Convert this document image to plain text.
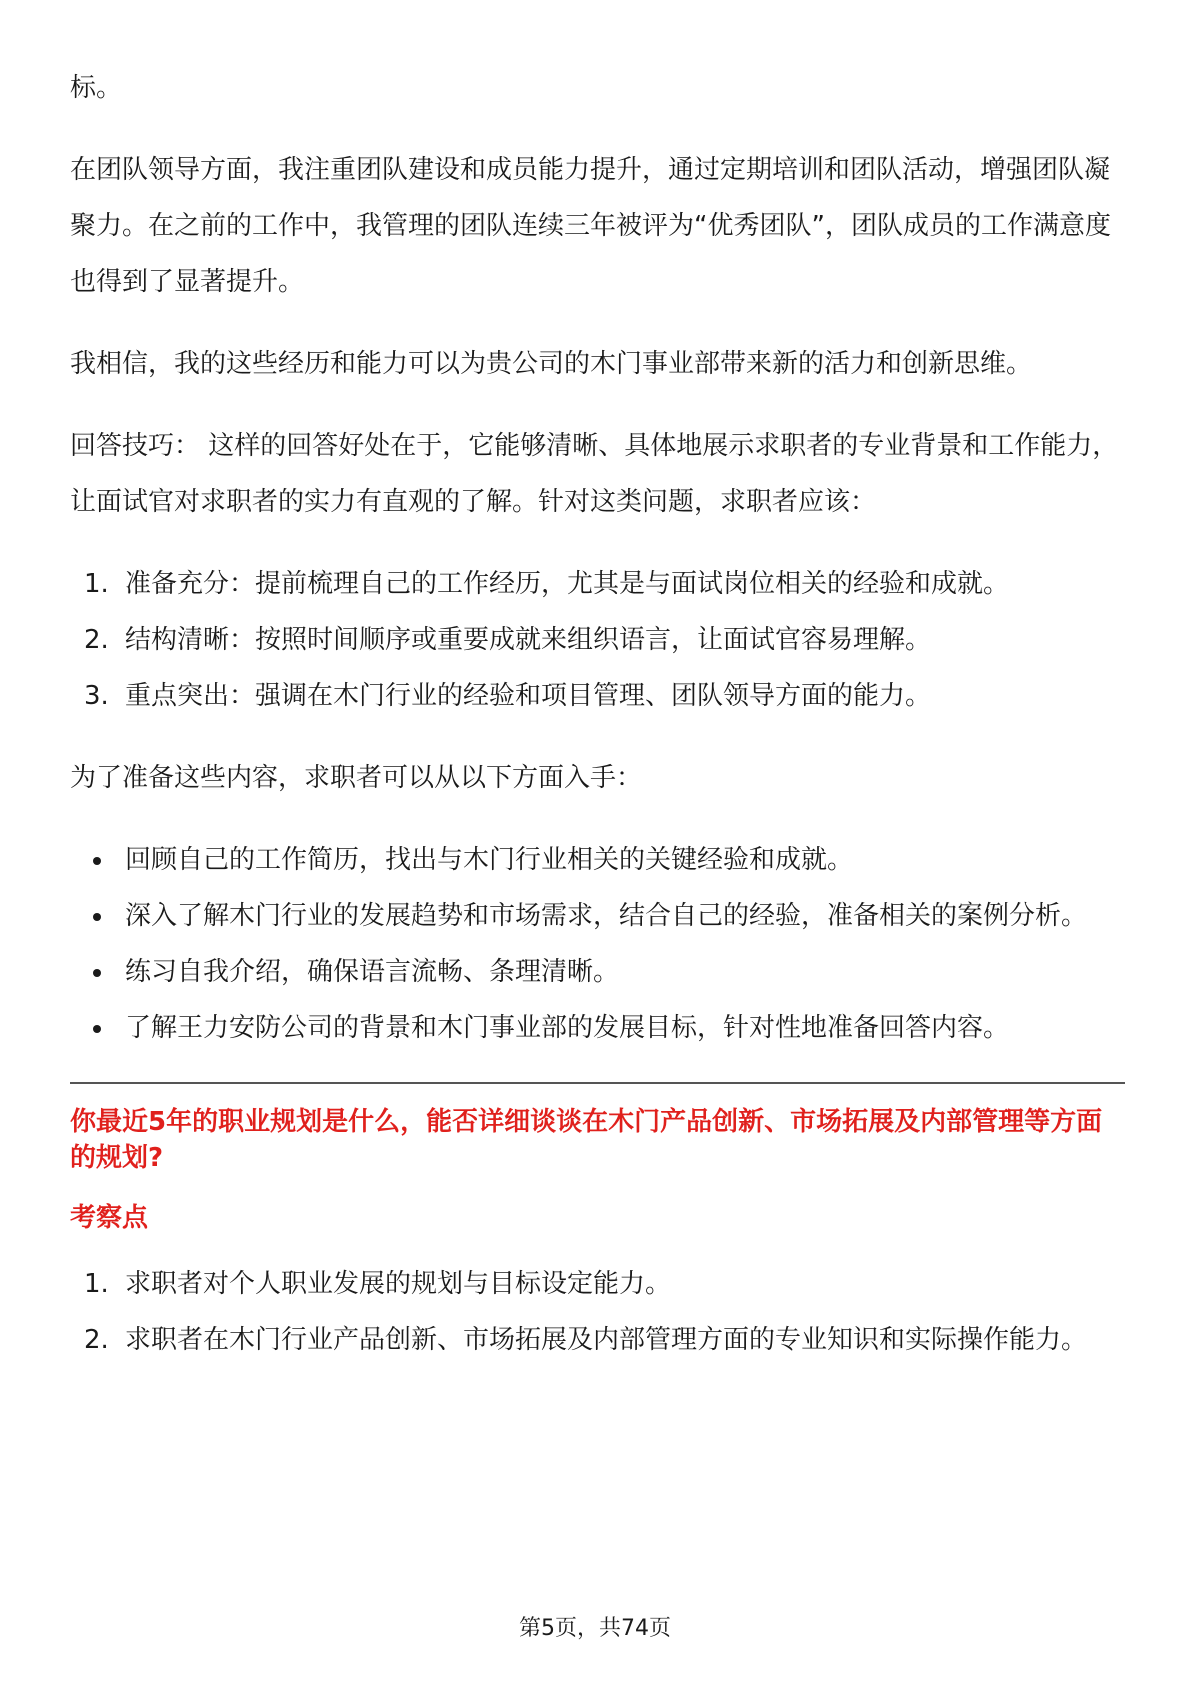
标。

在团队领导方面，我注重团队建设和成员能力提升，通过定期培训和团队活动，增强团队凝聚力。在之前的工作中，我管理的团队连续三年被评为“优秀团队”，团队成员的工作满意度也得到了显著提升。

我相信，我的这些经历和能力可以为贵公司的木门事业部带来新的活力和创新思维。

回答技巧： 这样的回答好处在于，它能够清晰、具体地展示求职者的专业背景和工作能力，让面试官对求职者的实力有直观的了解。针对这类问题，求职者应该：

1. 准备充分：提前梳理自己的工作经历，尤其是与面试岗位相关的经验和成就。
2. 结构清晰：按照时间顺序或重要成就来组织语言，让面试官容易理解。
3. 重点突出：强调在木门行业的经验和项目管理、团队领导方面的能力。

为了准备这些内容，求职者可以从以下方面入手：

回顾自己的工作简历，找出与木门行业相关的关键经验和成就。
深入了解木门行业的发展趋势和市场需求，结合自己的经验，准备相关的案例分析。
练习自我介绍，确保语言流畅、条理清晰。
了解王力安防公司的背景和木门事业部的发展目标，针对性地准备回答内容。
你最近5年的职业规划是什么，能否详细谈谈在木门产品创新、市场拓展及内部管理等方面的规划?
考察点
1. 求职者对个人职业发展的规划与目标设定能力。
2. 求职者在木门行业产品创新、市场拓展及内部管理方面的专业知识和实际操作能力。
第5页，共74页
